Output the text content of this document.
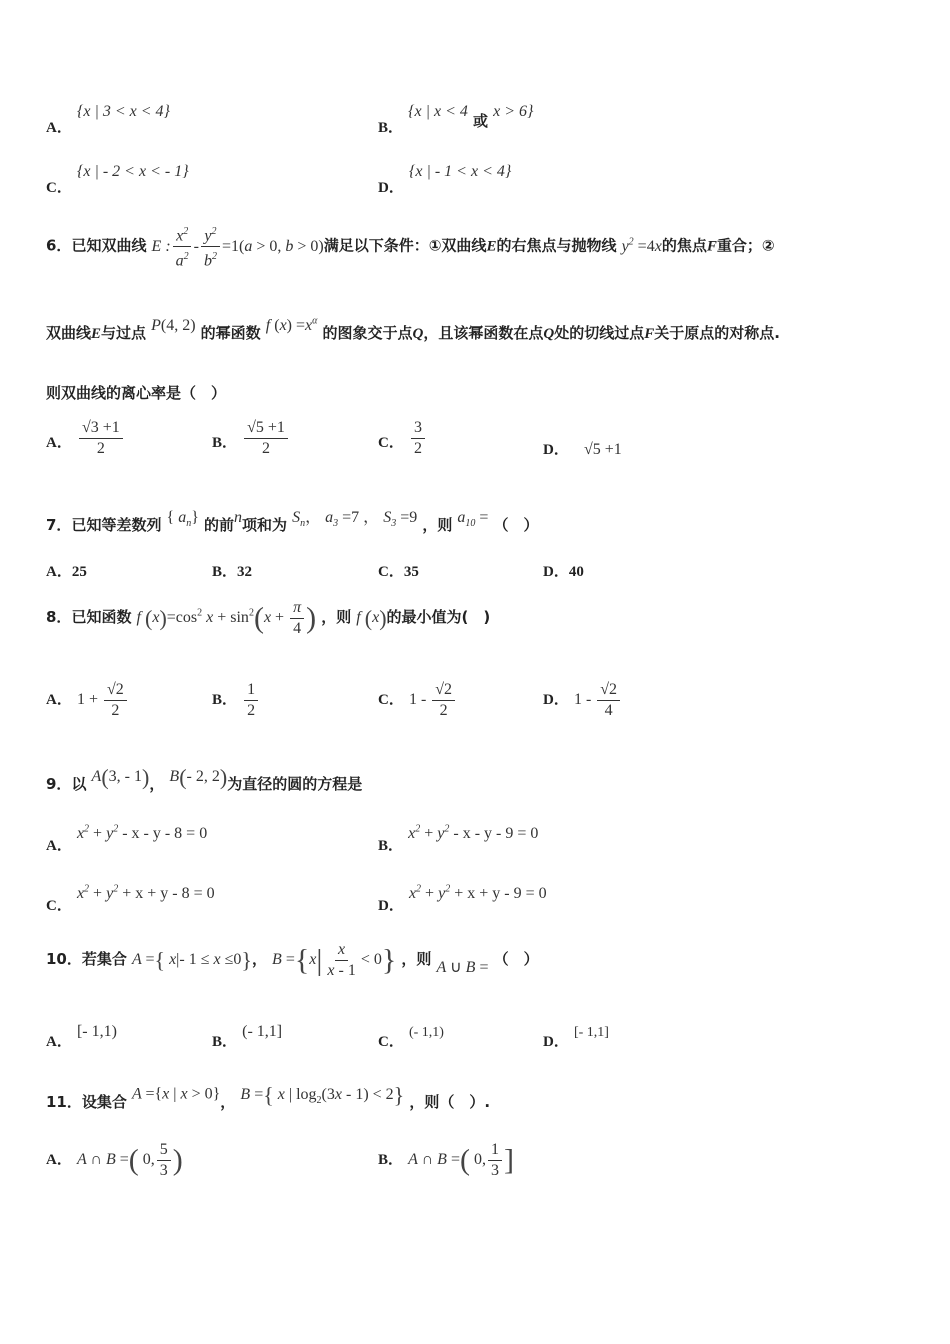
A． {x | 3 < x < 4}
B． {x | x < 4 或 x > 6}
C． {x | - 2 < x < - 1}
D． {x | - 1 < x < 4}
6．已知双曲线 E : $\frac{x^2}{a^2} - \frac{y^2}{b^2} =1(a > 0$, b > 0)满足以下条件：①双曲线E的右焦点与抛物线 $y^2 =4x$的焦点F重合；②
双曲线E与过点 P(4, 2) 的幂函数 f $(x) =x^\alpha$ 的图象交于点Q，且该幂函数在点Q处的切线过点F关于原点的对称点.
则双曲线的离心率是（　）
A． $\frac{√3 +1}{2}$	B． $\frac{√5 +1}{2}$	C． $\frac{3}{2}$	D． √5 +1
7．已知等差数列 { $a_n$} 的前n项和为 $S_n$， $a_3 =7$ ， $S_3 =9$ ，则 $a_{10}$ = （　）
A．25	B．32	C．35	D．40
8．已知函数 f $(x)=\cos^2$ $x + \sin^2(x + \frac{\pi}{4}$ ) ，则 f (x)的最小值为(　)
A． $1 + \frac{√2}{2}$	B． $\frac{1}{2}$	C． $1 - \frac{√2}{2}$	D． $1 - \frac{√2}{4}$
9．以 A(3, - 1)， B(- 2, 2)为直径的圆的方程是
A． $x^2 + y^2 - x - y - 8 = 0$
B． $x^2 + y^2 - x - y - 9 = 0$
C． $x^2 + y^2 + x + y - 8 = 0$
D． $x^2 + y^2 + x + y - 9 = 0$
10．若集合 A ={ x|- 1 ≤ x ≤0}， $B =\{x| \frac{x}{x - 1} < 0\}$ ，则 A ∪ B = （　）
A． [- 1,1)
B． (- 1,1]
C． (- 1,1)
D． [- 1,1]
11．设集合 A ={x | x > 0}， B ={ x | $\log_2(3x - 1) < 2$} ，则（　）.
A． A ∩ B =( 0, $\frac{5}{3}$ )	B． A ∩ B =( 0, $\frac{1}{3}$ ]
